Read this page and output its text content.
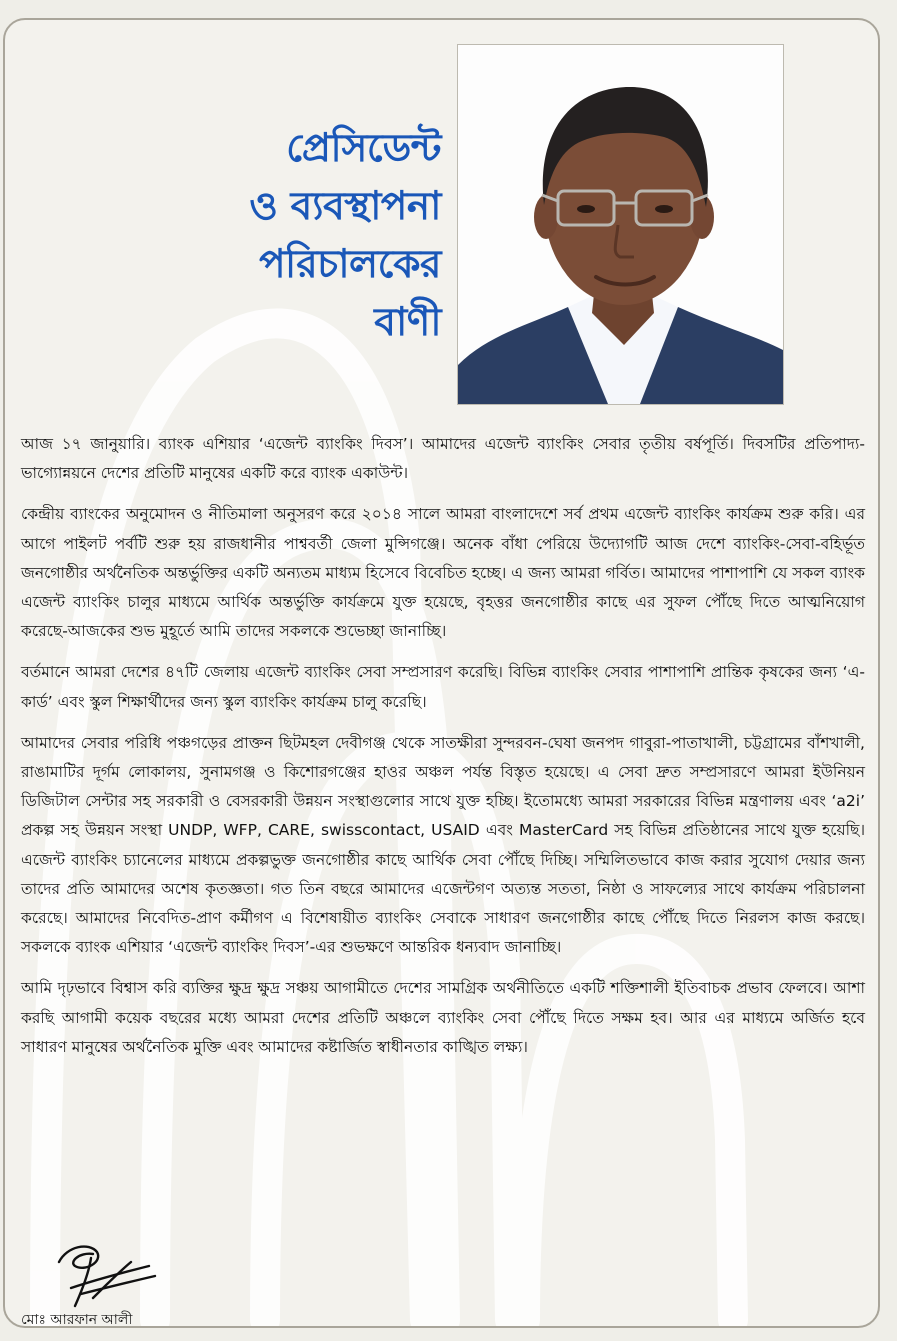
প্রেসিডেন্ট
ও ব্যবস্থাপনা
পরিচালকের
বাণী

আজ ১৭ জানুয়ারি। ব্যাংক এশিয়ার ‘এজেন্ট ব্যাংকিং দিবস’। আমাদের এজেন্ট ব্যাংকিং সেবার তৃতীয় বর্ষপূর্তি। দিবসটির প্রতিপাদ্য- ভাগ্যোন্নয়নে দেশের প্রতিটি মানুষের একটি করে ব্যাংক একাউন্ট।

কেন্দ্রীয় ব্যাংকের অনুমোদন ও নীতিমালা অনুসরণ করে ২০১৪ সালে আমরা বাংলাদেশে সর্ব প্রথম এজেন্ট ব্যাংকিং কার্যক্রম শুরু করি। এর আগে পাইলট পর্বটি শুরু হয় রাজধানীর পাশ্ববর্তী জেলা মুন্সিগঞ্জে। অনেক বাঁধা পেরিয়ে উদ্যোগটি আজ দেশে ব্যাংকিং-সেবা-বহির্ভূত জনগোষ্ঠীর অর্থনৈতিক অন্তর্ভুক্তির একটি অন্যতম মাধ্যম হিসেবে বিবেচিত হচ্ছে। এ জন্য আমরা গর্বিত। আমাদের পাশাপাশি যে সকল ব্যাংক এজেন্ট ব্যাংকিং চালুর মাধ্যমে আর্থিক অন্তর্ভুক্তি কার্যক্রমে যুক্ত হয়েছে, বৃহত্তর জনগোষ্ঠীর কাছে এর সুফল পৌঁছে দিতে আত্মনিয়োগ করেছে-আজকের শুভ মুহূর্তে আমি তাদের সকলকে শুভেচ্ছা জানাচ্ছি।

বর্তমানে আমরা দেশের ৪৭টি জেলায় এজেন্ট ব্যাংকিং সেবা সম্প্রসারণ করেছি। বিভিন্ন ব্যাংকিং সেবার পাশাপাশি প্রান্তিক কৃষকের জন্য ‘এ-কার্ড’ এবং স্কুল শিক্ষার্থীদের জন্য স্কুল ব্যাংকিং কার্যক্রম চালু করেছি।

আমাদের সেবার পরিধি পঞ্চগড়ের প্রাক্তন ছিটমহল দেবীগঞ্জ থেকে সাতক্ষীরা সুন্দরবন-ঘেষা জনপদ গাবুরা-পাতাখালী, চট্টগ্রামের বাঁশখালী, রাঙামাটির দূর্গম লোকালয়, সুনামগঞ্জ ও কিশোরগঞ্জের হাওর অঞ্চল পর্যন্ত বিস্তৃত হয়েছে। এ সেবা দ্রুত সম্প্রসারণে আমরা ইউনিয়ন ডিজিটাল সেন্টার সহ সরকারী ও বেসরকারী উন্নয়ন সংস্থাগুলোর সাথে যুক্ত হচ্ছি। ইতোমধ্যে আমরা সরকারের বিভিন্ন মন্ত্রণালয় এবং ‘a2i’ প্রকল্প সহ উন্নয়ন সংস্থা UNDP, WFP, CARE, swisscontact, USAID এবং MasterCard সহ বিভিন্ন প্রতিষ্ঠানের সাথে যুক্ত হয়েছি। এজেন্ট ব্যাংকিং চ্যানেলের মাধ্যমে প্রকল্পভুক্ত জনগোষ্ঠীর কাছে আর্থিক সেবা পৌঁছে দিচ্ছি। সম্মিলিতভাবে কাজ করার সুযোগ দেয়ার জন্য তাদের প্রতি আমাদের অশেষ কৃতজ্ঞতা। গত তিন বছরে আমাদের এজেন্টগণ অত্যন্ত সততা, নিষ্ঠা ও সাফল্যের সাথে কার্যক্রম পরিচালনা করেছে। আমাদের নিবেদিত-প্রাণ কর্মীগণ এ বিশেষায়ীত ব্যাংকিং সেবাকে সাধারণ জনগোষ্ঠীর কাছে পৌঁছে দিতে নিরলস কাজ করছে। সকলকে ব্যাংক এশিয়ার ‘এজেন্ট ব্যাংকিং দিবস’-এর শুভক্ষণে আন্তরিক ধন্যবাদ জানাচ্ছি।

আমি দৃঢ়ভাবে বিশ্বাস করি ব্যক্তির ক্ষুদ্র ক্ষুদ্র সঞ্চয় আগামীতে দেশের সামগ্রিক অর্থনীতিতে একটি শক্তিশালী ইতিবাচক প্রভাব ফেলবে। আশা করছি আগামী কয়েক বছরের মধ্যে আমরা দেশের প্রতিটি অঞ্চলে ব্যাংকিং সেবা পৌঁছে দিতে সক্ষম হব। আর এর মাধ্যমে অর্জিত হবে সাধারণ মানুষের অর্থনৈতিক মুক্তি এবং আমাদের কষ্টার্জিত স্বাধীনতার কাঙ্খিত লক্ষ্য।

মোঃ আরফান আলী
